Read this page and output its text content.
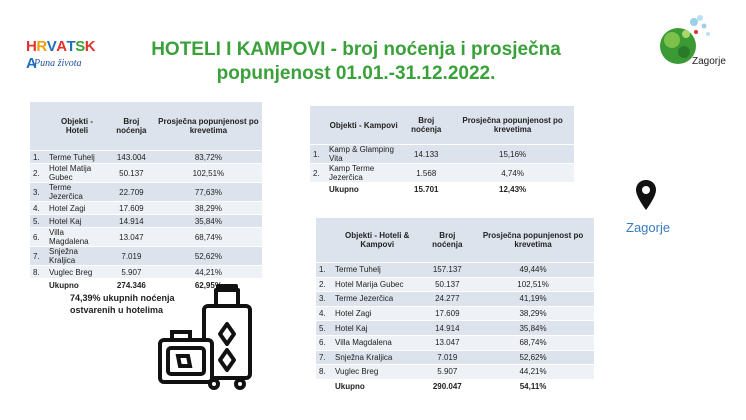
HRVATSKA
Puna života
HOTELI I KAMPOVI - broj noćenja i prosječna popunjenost 01.01.-31.12.2022.
Zagorje
Zagorje
	Objekti - Hoteli	Broj noćenja	Prosječna popunjenost po krevetima
1.	Terme Tuhelj	143.004	83,72%
2.	Hotel Matija Gubec	50.137	102,51%
3.	Terme Jezerčica	22.709	77,63%
4.	Hotel Zagi	17.609	38,29%
5.	Hotel Kaj	14.914	35,84%
6.	Villa Magdalena	13.047	68,74%
7.	Snježna Kraljica	7.019	52,62%
8.	Vuglec Breg	5.907	44,21%
	Ukupno	274.346	62,95%
	Objekti - Kampovi	Broj noćenja	Prosječna popunjenost po krevetima
1.	Kamp & Glamping Vita	14.133	15,16%
2.	Kamp Terme Jezerčica	1.568	4,74%
	Ukupno	15.701	12,43%
	Objekti - Hoteli & Kampovi	Broj noćenja	Prosječna popunjenost po krevetima
1.	Terme Tuhelj	157.137	49,44%
2.	Hotel Marija Gubec	50.137	102,51%
3.	Terme Jezerčica	24.277	41,19%
4.	Hotel Zagi	17.609	38,29%
5.	Hotel Kaj	14.914	35,84%
6.	Villa Magdalena	13.047	68,74%
7.	Snježna Kraljica	7.019	52,62%
8.	Vuglec Breg	5.907	44,21%
	Ukupno	290.047	54,11%
74,39% ukupnih noćenja ostvarenih u hotelima
